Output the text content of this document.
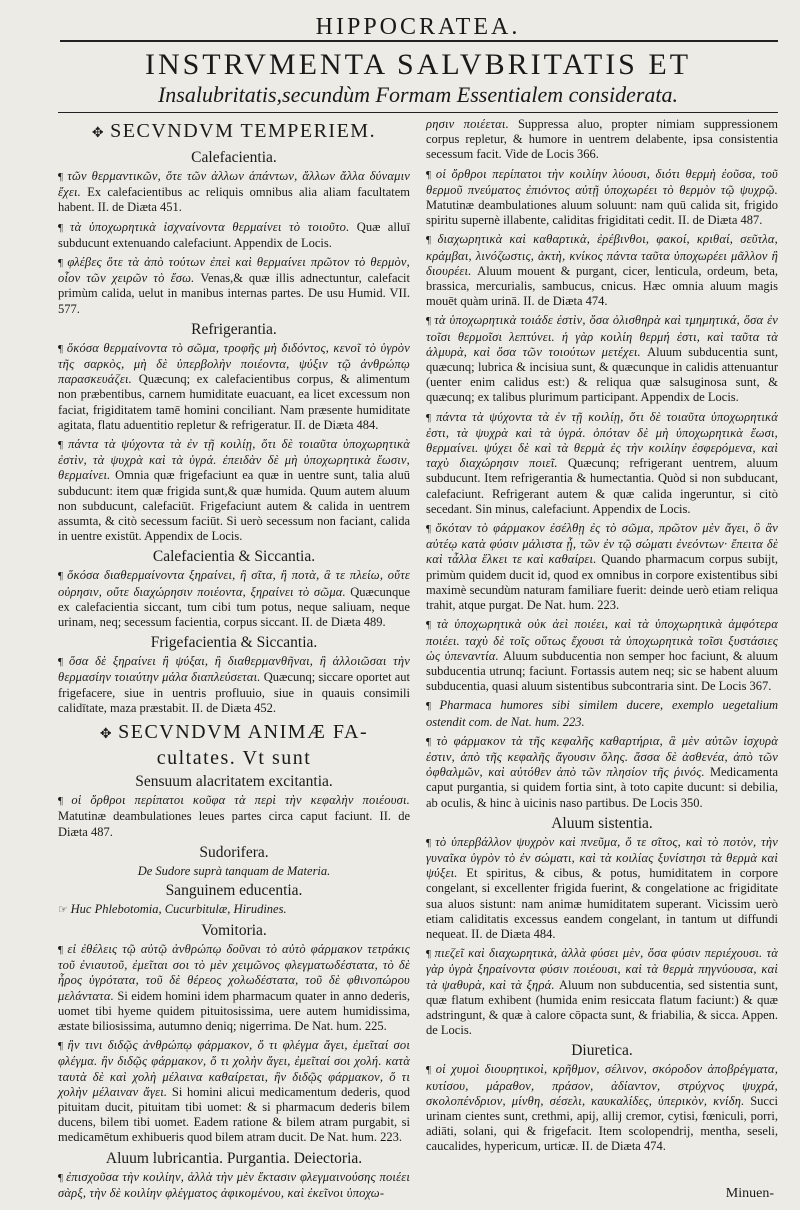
HIPPOCRATEA.
INSTRVMENTA SALVBRITATIS ET
Insalubritatis,secundùm Formam Essentialem considerata.
✥ SECVNDVM TEMPERIEM.
Calefacientia.

¶ τῶν θερμαντικῶν, ὅτε τῶν ἀλλων ἁπάντων, ἄλλων ἄλλα δύναμιν ἔχει. Ex calefacientibus ac reliquis omnibus alia aliam facultatem habent. II. de Diæta 451.

¶ τὰ ὑποχωρητικὰ ἰσχναίνοντα θερμαίνει τὸ τοιοῦτο. Quæ alluī subducunt extenuando calefaciunt. Appendix de Locis.

¶ φλέβες ὅτε τὰ ἀπὸ τούτων ἐπεὶ καὶ θερμαίνει πρῶτον τὸ θερμὸν, οἷον τῶν χειρῶν τὸ ἔσω. Venas,& quæ illis adnectuntur, calefacit primùm calida, uelut in manibus internas partes. De usu Humid. VII. 577.

Refrigerantia.

¶ ὅκόσα θερμαίνοντα τὸ σῶμα, τροφῆς μὴ διδόντος, κενοῖ τὸ ὑγρὸν τῆς σαρκὸς, μὴ δὲ ὑπερβολὴν ποιέοντα, ψύξιν τῷ ἀνθρώπῳ παρασκευάζει. Quæcunq; ex calefacientibus corpus, & alimentum non præbentibus, carnem humiditate euacuant, ea licet excessum non faciat, frigiditatem tamē homini conciliant. Nam præsente humiditate agitata, flatu aduentitio repletur & refrigeratur. II. de Diæta 484.

¶ πάντα τὰ ψύχοντα τὰ ἐν τῇ κοιλίῃ, ὅτι δὲ τοιαῦτα ὑποχωρητικὰ ἐστὶν, τὰ ψυχρὰ καὶ τὰ ὑγρά. ἐπειδὰν δὲ μὴ ὑποχωρητικὰ ἔωσιν, θερμαίνει. Omnia quæ frigefaciunt ea quæ in uentre sunt, talia aluū subducunt: item quæ frigida sunt,& quæ humida. Quum autem aluum non subducunt, calefaciūt. Frigefaciunt autem & calida in uentrem assumta, & citò secessum faciūt. Si uerò secessum non faciant, calida in uentre existūt. Appendix de Locis.

Calefacientia & Siccantia.

¶ ὅκόσα διαθερμαίνοντα ξηραίνει, ἢ σῖτα, ἢ ποτὰ, ἃ τε πλείω, οὔτε οὐρησιν, οὔτε διαχώρησιν ποιέοντα, ξηραίνει τὸ σῶμα. Quæcunque ex calefacientia siccant, tum cibi tum potus, neque saliuam, neque urinam, neq; secessum facientia, corpus siccant. II. de Diæta 489.

Frigefacientia & Siccantia.

¶ ὅσα δὲ ξηραίνει ἢ ψύξαι, ἢ διαθερμανθῆναι, ἢ ἀλλοιῶσαι τὴν θερμασίην τοιαύτην μάλα διαπλεύσεται. Quæcunq; siccare oportet aut frigefacere, siue in uentris profluuio, siue in quauis consimili calidītate, maza præstabit. II. de Diæta 452.

✥ SECVNDVM ANIMÆ FA-
cultates. Vt sunt
Sensuum alacritatem excitantia.

¶ οἱ ὄρθροι περίπατοι κοῦφα τὰ περὶ τὴν κεφαλὴν ποιέουσι. Matutinæ deambulationes leues partes circa caput faciunt. II. de Diæta 487.

Sudorifera.
De Sudore suprà tanquam de Materia.
Sanguinem educentia.

☞ Huc Phlebotomia, Cucurbitulæ, Hirudines.

Vomitoria.

¶ εἰ ἐθέλεις τῷ αὐτῷ ἀνθρώπῳ δοῦναι τὸ αὐτὸ φάρμακον τετράκις τοῦ ἐνιαυτοῦ, ἐμεῖται σοι τὸ μὲν χειμῶνος φλεγματωδέστατα, τὸ δὲ ἦρος ὑγρότατα, τοῦ δὲ θέρεος χολωδέστατα, τοῦ δὲ φθινοπώρου μελάντατα. Si eidem homini idem pharmacum quater in anno dederis, uomet tibi hyeme quidem pituitosissima, uere autem humidissima, æstate biliosissima, autumno deniq; nigerrima. De Nat. hum. 225.

¶ ἢν τινι διδῷς ἀνθρώπῳ φάρμακον, ὅ τι φλέγμα ἄγει, ἐμεῖταί σοι φλέγμα. ἢν διδῷς φάρμακον, ὅ τι χολὴν ἄγει, ἐμεῖταί σοι χολή. κατὰ ταυτὰ δὲ καὶ χολὴ μέλαινα καθαίρεται, ἢν διδῷς φάρμακον, ὅ τι χολὴν μέλαιναν ἄγει. Si homini alicui medicamentum dederis, quod pituitam ducit, pituitam tibi uomet: & si pharmacum dederis bilem ducens, bilem tibi uomet. Eadem ratione & bilem atram purgabit, si medicamētum exhibueris quod bilem atram ducit. De Nat. hum. 223.

Aluum lubricantia. Purgantia. Deiectoria.

¶ ἐπισχοῦσα τὴν κοιλίην, ἀλλὰ τὴν μὲν ἔκτασιν φλεγμαινούσης ποιέει σὰρξ, τὴν δὲ κοιλίην φλέγματος ἀφικομένου, καὶ ἐκεῖνοι ὑποχω-

ρησιν ποιέεται. Suppressa aluo, propter nimiam suppressionem corpus repletur, & humore in uentrem delabente, ipsa consistentia secessum facit. Vide de Locis 366.

¶ οἱ ὄρθροι περίπατοι τὴν κοιλίην λύουσι, διότι θερμὴ ἐοῦσα, τοῦ θερμοῦ πνεύματος ἐπιόντος αὐτῇ ὑποχωρέει τὸ θερμὸν τῷ ψυχρῷ. Matutinæ deambulationes aluum soluunt: nam quū calida sit, frigido spiritu supernè illabente, caliditas frigiditati cedit. II. de Diæta 487.

¶ διαχωρητικὰ καὶ καθαρτικὰ, ἐρέβινθοι, φακοί, κριθαί, σεῦτλα, κράμβαι, λινόζωστις, ἀκτὴ, κνίκος πάντα ταῦτα ὑποχωρέει μᾶλλον ἢ διουρέει. Aluum mouent & purgant, cicer, lenticula, ordeum, beta, brassica, mercurialis, sambucus, cnicus. Hæc omnia aluum magis mouēt quàm urinā. II. de Diæta 474.

¶ τὰ ὑποχωρητικὰ τοιάδε ἐστὶν, ὅσα ὀλισθηρὰ καὶ τμημητικά, ὅσα ἐν τοῖσι θερμοῖσι λεπτύνει. ἡ γὰρ κοιλίη θερμή ἐστι, καὶ ταῦτα τὰ ἁλμυρὰ, καὶ ὅσα τῶν τοιούτων μετέχει. Aluum subducentia sunt, quæcunq; lubrica & incisiua sunt, & quæcunque in calidis attenuantur (uenter enim calidus est:) & reliqua quæ salsuginosa sunt, & quæcunq; ex talibus plurimum participant. Appendix de Locis.

¶ πάντα τὰ ψύχοντα τὰ ἐν τῇ κοιλίῃ, ὅτι δὲ τοιαῦτα ὑποχωρητικά ἐστι, τὰ ψυχρὰ καὶ τὰ ὑγρά. ὁπόταν δὲ μὴ ὑποχωρητικὰ ἔωσι, θερμαίνει. ψύχει δὲ καὶ τὰ θερμὰ ἐς τὴν κοιλίην ἐσφερόμενα, καὶ ταχὺ διαχώρησιν ποιεῖ. Quæcunq; refrigerant uentrem, aluum subducunt. Item refrigerantia & humectantia. Quòd si non subducant, calefaciunt. Refrigerant autem & quæ calida ingeruntur, si citò secedant. Sin minus, calefaciunt. Appendix de Locis.

¶ ὅκόταν τὸ φάρμακον ἐσέλθῃ ἐς τὸ σῶμα, πρῶτον μὲν ἄγει, ὃ ἂν αὐτέῳ κατὰ φύσιν μάλιστα ᾖ, τῶν ἐν τῷ σώματι ἐνεόντων· ἔπειτα δὲ καὶ τἆλλα ἕλκει τε καὶ καθαίρει. Quando pharmacum corpus subijt, primùm quidem ducit id, quod ex omnibus in corpore existentibus sibi maximè secundùm naturam familiare fuerit: deinde uerò etiam reliqua trahit, atque purgat. De Nat. hum. 223.

¶ τὰ ὑποχωρητικὰ οὐκ ἀεὶ ποιέει, καὶ τὰ ὑποχωρητικὰ ἀμφότερα ποιέει. ταχὺ δὲ τοῖς οὕτως ἔχουσι τὰ ὑποχωρητικὰ τοῖσι ξυστάσιες ὡς ὑπεναντία. Aluum subducentia non semper hoc faciunt, & aluum subducentia utrunq; faciunt. Fortassis autem neq; sic se habent aluum subducentia, quasi aluum sistentibus subcontraria sint. De Locis 367.

¶ Pharmaca humores sibi similem ducere, exemplo uegetalium ostendit com. de Nat. hum. 223.

¶ τὸ φάρμακον τὰ τῆς κεφαλῆς καθαρτήρια, ἃ μὲν αὐτῶν ἰσχυρὰ ἐστιν, ἀπὸ τῆς κεφαλῆς ἄγουσιν ὅλης. ἄσσα δὲ ἀσθενέα, ἀπὸ τῶν ὀφθαλμῶν, καὶ αὐτόθεν ἀπὸ τῶν πλησίον τῆς ῥινός. Medicamenta caput purgantia, si quidem fortia sint, à toto capite ducunt: si debilia, ab oculis, & hinc à uicinis naso partibus. De Locis 350.

Aluum sistentia.

¶ τὸ ὑπερβάλλον ψυχρὸν καὶ πνεῦμα, ὅ τε σῖτος, καὶ τὸ ποτὸν, τὴν γυναῖκα ὑγρὸν τὸ ἐν σώματι, καὶ τὰ κοιλίας ξυνίστησι τὰ θερμὰ καὶ ψύξει. Et spiritus, & cibus, & potus, humiditatem in corpore congelant, si excellenter frigida fuerint, & congelatione ac frigiditate sua aluos sistunt: nam animæ humiditatem superant. Vicissim uerò etiam caliditatis excessus eandem congelant, in tantum ut diffundi nequeat. II. de Diæta 484.

¶ πιεζεῖ καὶ διαχωρητικὰ, ἀλλὰ φύσει μὲν, ὅσα φύσιν περιέχουσι. τὰ γὰρ ὑγρὰ ξηραίνοντα φύσιν ποιέουσι, καὶ τὰ θερμὰ πηγνύουσα, καὶ τὰ ψαθυρὰ, καὶ τὰ ξηρά. Aluum non subducentia, sed sistentia sunt, quæ flatum exhibent (humida enim resiccata flatum faciunt:) & quæ adstringunt, & quæ à calore cōpacta sunt, & friabilia, & sicca. Appen. de Locis.

Diuretica.

¶ οἱ χυμοὶ διουρητικοὶ, κρῆθμον, σέλινον, σκόροδον ἀποβρέγματα, κυτίσου, μάραθον, πράσον, ἀδίαντον, στρύχνος ψυχρά, σκολοπένδριον, μίνθη, σέσελι, καυκαλίδες, ὑπερικὸν, κνίδη. Succi urinam cientes sunt, crethmi, apij, allij cremor, cytisi, fœniculi, porri, adiāti, solani, qui & frigefacit. Item scolopendrij, mentha, seseli, caucalides, hypericum, urticæ. II. de Diæta 474.

Minuen-
